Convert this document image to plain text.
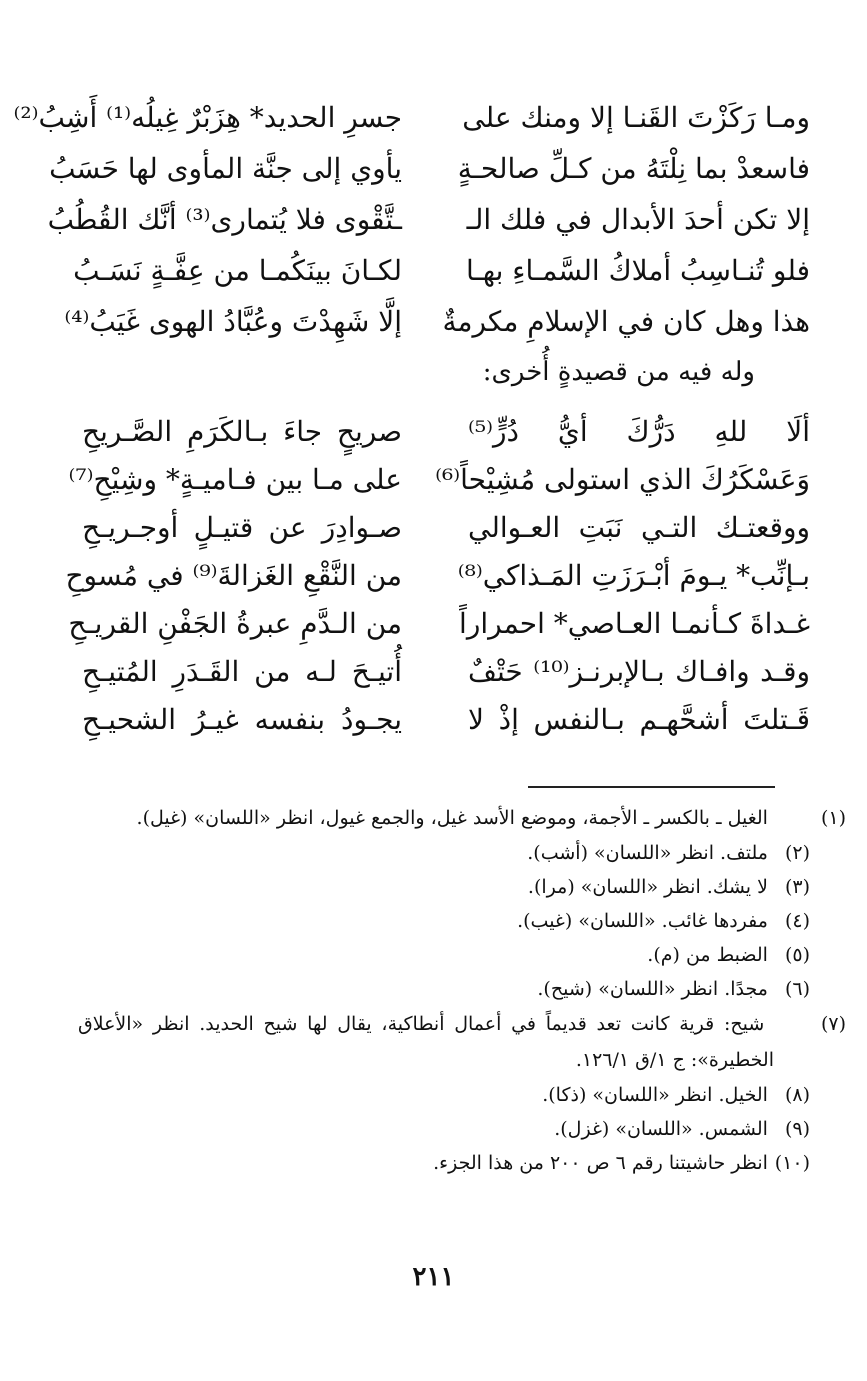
ومـا رَكَزْتَ القَنـا إلا ومنك على
جسرِ الحديد* هِزَبْرٌ غِيلُه⁽¹⁾ أَشِبُ⁽²⁾
فاسعدْ بما نِلْتَهُ من كـلِّ صالحـةٍ
يأوي إلى جنَّة المأوى لها حَسَبُ
إلا تكن أحدَ الأبدال في فلك الـ
ـتَّقْوى فلا يُتمارى⁽³⁾ أنَّك القُطُبُ
فلو تُنـاسِبُ أملاكُ السَّمـاءِ بهـا
لكـانَ بينَكُمـا من عِفَّـةٍ نَسَـبُ
هذا وهل كان في الإسلامِ مكرمةٌ
إلَّا شَهِدْتَ وعُبَّادُ الهوى غَيَبُ⁽⁴⁾
وله فيه من قصيدةٍ أُخرى:
ألَا للهِ دَرُّكَ أيُّ دُرٍّ⁽⁵⁾
صريحٍ جاءَ بـالكَرَمِ الصَّـريحِ
وَعَسْكَرُكَ الذي استولى مُشِيْحاً⁽⁶⁾
على مـا بين فـاميـةٍ* وشِيْحِ⁽⁷⁾
ووقعتـك التـي نَبَتِ العـوالي
صـوادِرَ عن قتيـلٍ أوجـريـحِ
بـإنِّب* يـومَ أبْـرَزَتِ المَـذاكي⁽⁸⁾
من النَّقْعِ الغَزالةَ⁽⁹⁾ في مُسوحِ
غـداةَ كـأنمـا العـاصي* احمراراً
من الـدَّمِ عبرةُ الجَفْنِ القريـحِ
وقـد وافـاك بـالإبرنـز⁽¹⁰⁾ حَتْفٌ
أُتيـحَ لـه من القَـدَرِ المُتيـحِ
قَـتلتَ أشحَّهـم بـالنفس إذْ لا
يجـودُ بنفسه غيـرُ الشحيـحِ
(١) الغيل ـ بالكسر ـ الأجمة، وموضع الأسد غيل، والجمع غيول، انظر «اللسان» (غيل).
(٢) ملتف. انظر «اللسان» (أشب).
(٣) لا يشك. انظر «اللسان» (مرا).
(٤) مفردها غائب. «اللسان» (غيب).
(٥) الضبط من (م).
(٦) مجدًا. انظر «اللسان» (شيح).
(٧) شيح: قرية كانت تعد قديماً في أعمال أنطاكية، يقال لها شيح الحديد. انظر «الأعلاق الخطيرة»: ج ١/ق ١٢٦/١.
(٨) الخيل. انظر «اللسان» (ذكا).
(٩) الشمس. «اللسان» (غزل).
(١٠) انظر حاشيتنا رقم ٦ ص ٢٠٠ من هذا الجزء.
٢١١
